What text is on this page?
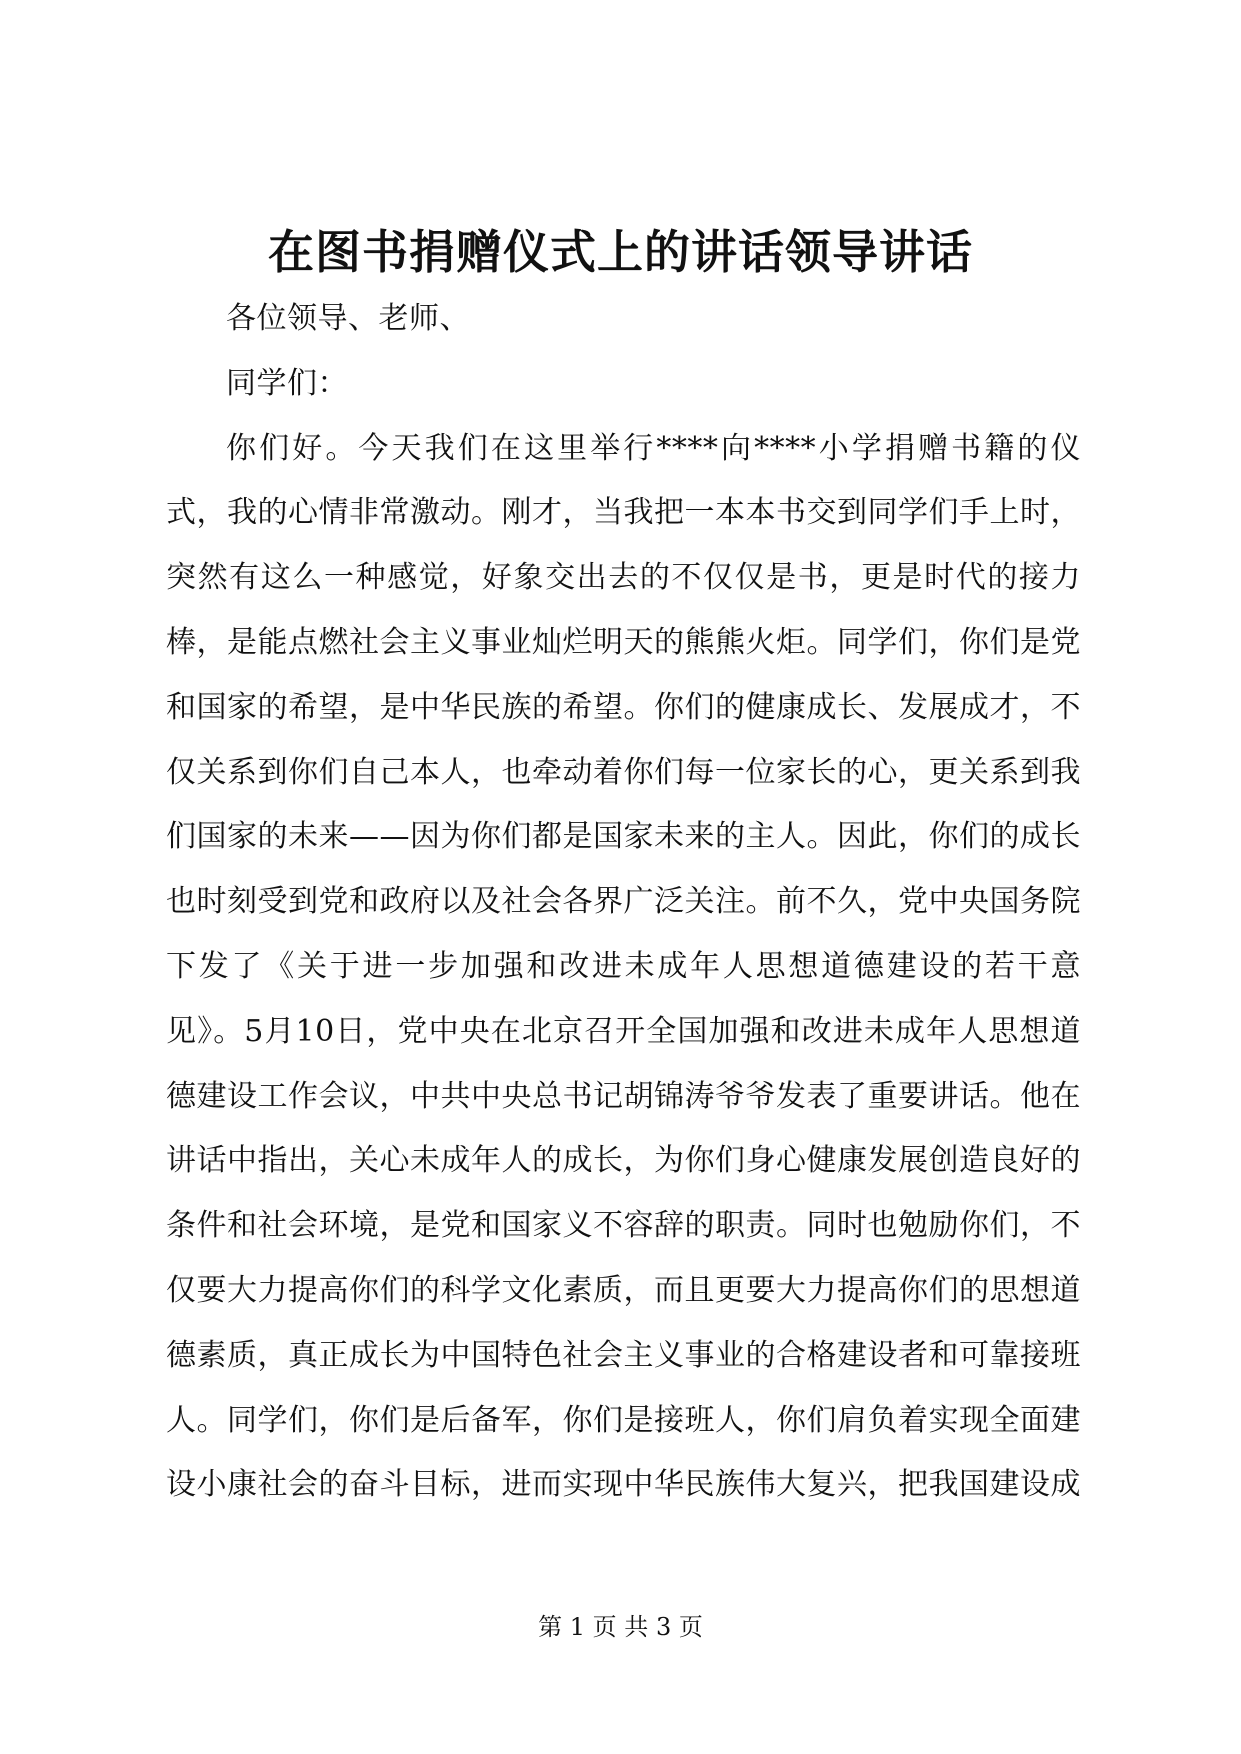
在图书捐赠仪式上的讲话领导讲话

各位领导、老师、

同学们：

你们好。今天我们在这里举行****向****小学捐赠书籍的仪式，我的心情非常激动。刚才，当我把一本本书交到同学们手上时，突然有这么一种感觉，好象交出去的不仅仅是书，更是时代的接力棒，是能点燃社会主义事业灿烂明天的熊熊火炬。同学们，你们是党和国家的希望，是中华民族的希望。你们的健康成长、发展成才，不仅关系到你们自己本人，也牵动着你们每一位家长的心，更关系到我们国家的未来——因为你们都是国家未来的主人。因此，你们的成长也时刻受到党和政府以及社会各界广泛关注。前不久，党中央国务院下发了《关于进一步加强和改进未成年人思想道德建设的若干意见》。5月10日，党中央在北京召开全国加强和改进未成年人思想道德建设工作会议，中共中央总书记胡锦涛爷爷发表了重要讲话。他在讲话中指出，关心未成年人的成长，为你们身心健康发展创造良好的条件和社会环境，是党和国家义不容辞的职责。同时也勉励你们，不仅要大力提高你们的科学文化素质，而且更要大力提高你们的思想道德素质，真正成长为中国特色社会主义事业的合格建设者和可靠接班人。同学们，你们是后备军，你们是接班人，你们肩负着实现全面建设小康社会的奋斗目标，进而实现中华民族伟大复兴，把我国建设成

第 1 页 共 3 页
